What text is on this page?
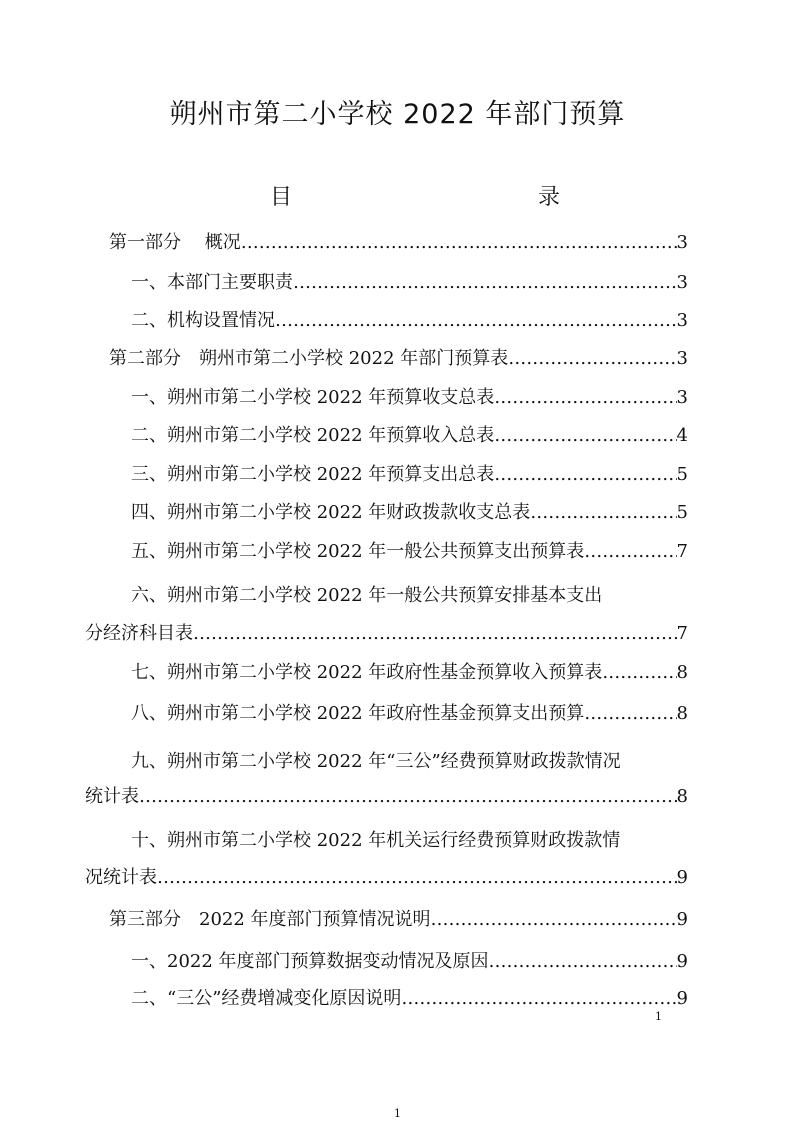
朔州市第二小学校 2022 年部门预算
目	录
第一部分　 概况 …………………………………………………………………………………………………………………	3
一、本部门主要职责 …………………………………………………………………………………………………………………	3
二、机构设置情况 …………………………………………………………………………………………………………………	3
第二部分　朔州市第二小学校 2022 年部门预算表 …………………………………………………………………………………………………………………	3
一、朔州市第二小学校 2022 年预算收支总表 …………………………………………………………………………………………………………………	3
二、朔州市第二小学校 2022 年预算收入总表 …………………………………………………………………………………………………………………	4
三、朔州市第二小学校 2022 年预算支出总表 …………………………………………………………………………………………………………………	5
四、朔州市第二小学校 2022 年财政拨款收支总表 …………………………………………………………………………………………………………………	5
五、朔州市第二小学校 2022 年一般公共预算支出预算表 …………………………………………………………………………………………………………………	7
六、朔州市第二小学校 2022 年一般公共预算安排基本支出
分经济科目表 …………………………………………………………………………………………………………………	7
七、朔州市第二小学校 2022 年政府性基金预算收入预算表 …………………………………………………………………………………………………………………	8
八、朔州市第二小学校 2022 年政府性基金预算支出预算 …………………………………………………………………………………………………………………	8
九、朔州市第二小学校 2022 年“三公”经费预算财政拨款情况
统计表 …………………………………………………………………………………………………………………	8
十、朔州市第二小学校 2022 年机关运行经费预算财政拨款情
况统计表 …………………………………………………………………………………………………………………	9
第三部分　2022 年度部门预算情况说明 …………………………………………………………………………………………………………………	9
一、2022 年度部门预算数据变动情况及原因 …………………………………………………………………………………………………………………	9
二、“三公”经费增减变化原因说明 …………………………………………………………………………………………………………………	9
1
1
